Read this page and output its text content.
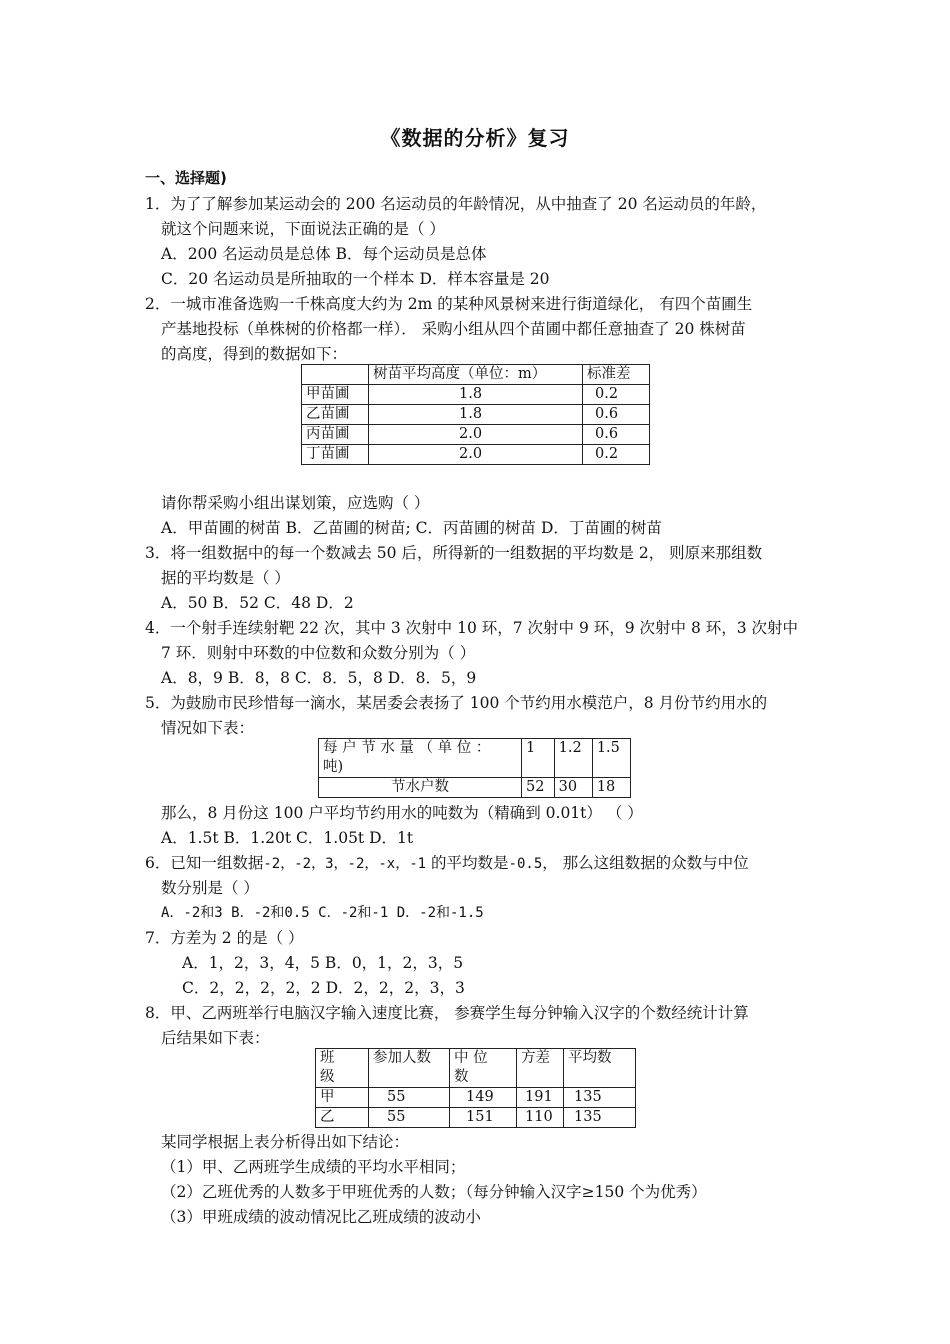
《数据的分析》复习
一、选择题)
1．为了了解参加某运动会的 200 名运动员的年龄情况，从中抽查了 20 名运动员的年龄，
就这个问题来说，下面说法正确的是（ ）
A．200 名运动员是总体 B．每个运动员是总体
C．20 名运动员是所抽取的一个样本 D．样本容量是 20
2．一城市准备选购一千株高度大约为 2m 的某种风景树来进行街道绿化， 有四个苗圃生
产基地投标（单株树的价格都一样）． 采购小组从四个苗圃中都任意抽查了 20 株树苗
的高度，得到的数据如下：
	树苗平均高度（单位：m）	标准差
甲苗圃	1.8	0.2
乙苗圃	1.8	0.6
丙苗圃	2.0	0.6
丁苗圃	2.0	0.2
请你帮采购小组出谋划策，应选购（ ）
A．甲苗圃的树苗 B．乙苗圃的树苗; C．丙苗圃的树苗 D．丁苗圃的树苗
3．将一组数据中的每一个数减去 50 后，所得新的一组数据的平均数是 2， 则原来那组数
据的平均数是（ ）
A．50 B．52 C．48 D．2
4．一个射手连续射靶 22 次，其中 3 次射中 10 环，7 次射中 9 环，9 次射中 8 环，3 次射中
7 环．则射中环数的中位数和众数分别为（ ）
A．8，9 B．8，8 C．8．5，8 D．8．5，9
5．为鼓励市民珍惜每一滴水，某居委会表扬了 100 个节约用水模范户，8 月份节约用水的
情况如下表：
每 户 节 水 量 （ 单 位 ：
吨)	1	1.2	1.5
节水户数	52	30	18
那么，8 月份这 100 户平均节约用水的吨数为（精确到 0.01t） （ ）
A．1.5t B．1.20t C．1.05t D．1t
6．已知一组数据-2，-2，3，-2，-x，-1 的平均数是-0.5， 那么这组数据的众数与中位
数分别是（ ）
A．-2和3 B．-2和0.5 C．-2和-1 D．-2和-1.5
7．方差为 2 的是（ ）
A．1，2，3，4，5 B．0，1，2，3，5
C．2，2，2，2，2 D．2，2，2，3，3
8．甲、乙两班举行电脑汉字输入速度比赛， 参赛学生每分钟输入汉字的个数经统计计算
后结果如下表：
班
级	参加人数	中 位
数	方差	平均数
甲	55	149	191	135
乙	55	151	110	135
某同学根据上表分析得出如下结论：
（1）甲、乙两班学生成绩的平均水平相同；
（2）乙班优秀的人数多于甲班优秀的人数；（每分钟输入汉字≥150 个为优秀）
（3）甲班成绩的波动情况比乙班成绩的波动小
